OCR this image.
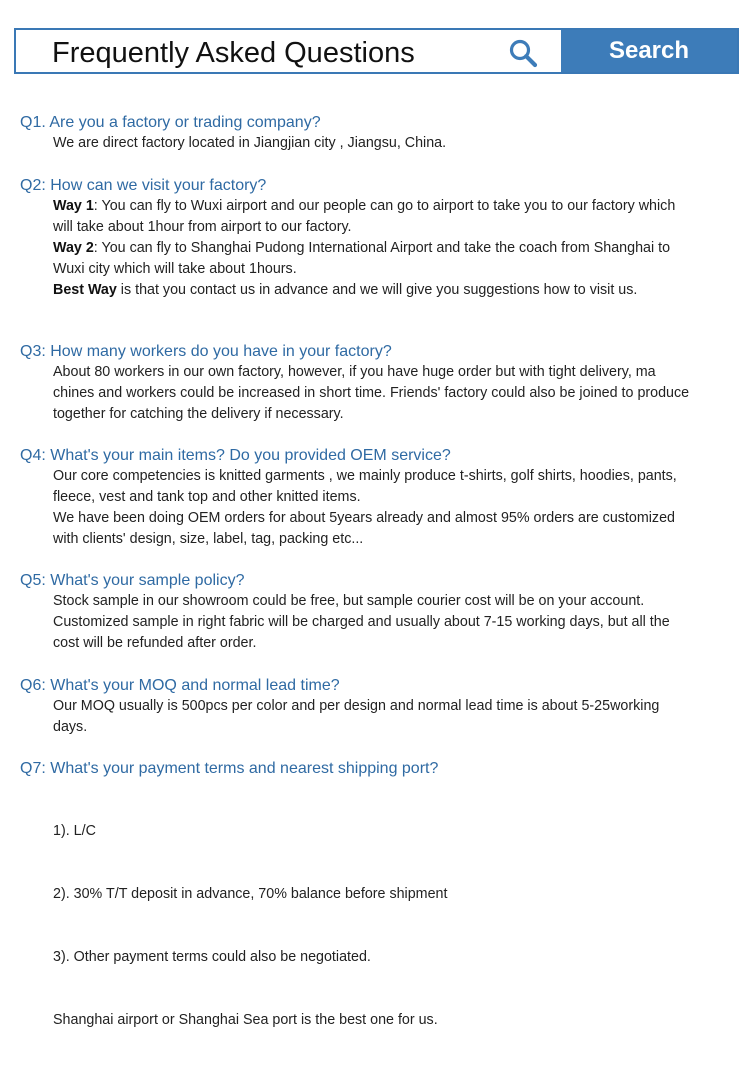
Frequently Asked Questions	Search
Q1. Are you a factory or trading company?
We are direct factory located in Jiangjian city , Jiangsu, China.
Q2: How can we visit your factory?
Way 1: You can fly to Wuxi airport and our people can go to airport to take you to our factory which
will take about 1hour from airport to our factory.
Way 2: You can fly to Shanghai Pudong International Airport and take the coach from Shanghai to
Wuxi city which will take about 1hours.
Best Way is that you contact us in advance and we will give you suggestions how to visit us.
Q3: How many workers do you have in your factory?
About 80 workers in our own factory, however, if you have huge order but with tight delivery, ma
chines and workers could be increased in short time. Friends' factory could also be joined to produce
together for catching the delivery if necessary.
Q4: What's your main items? Do you provided OEM service?
Our core competencies is knitted garments , we mainly produce t-shirts, golf shirts, hoodies, pants,
fleece, vest and tank top and other knitted items.
We have been doing OEM orders for about 5years already and almost 95% orders are customized
with clients' design, size, label, tag, packing etc...
Q5: What's your sample policy?
Stock sample in our showroom could be free, but sample courier cost will be on your account.
Customized sample in right fabric will be charged and usually about 7-15 working days, but all the
cost will be refunded after order.
Q6: What's your MOQ and normal lead time?
Our MOQ usually is 500pcs per color and per design and normal lead time is about 5-25working
days.
Q7: What's your payment terms and nearest shipping port?

1). L/C

2). 30% T/T deposit in advance, 70% balance before shipment

3). Other payment terms could also be negotiated.

Shanghai airport or Shanghai Sea port is the best one for us.
